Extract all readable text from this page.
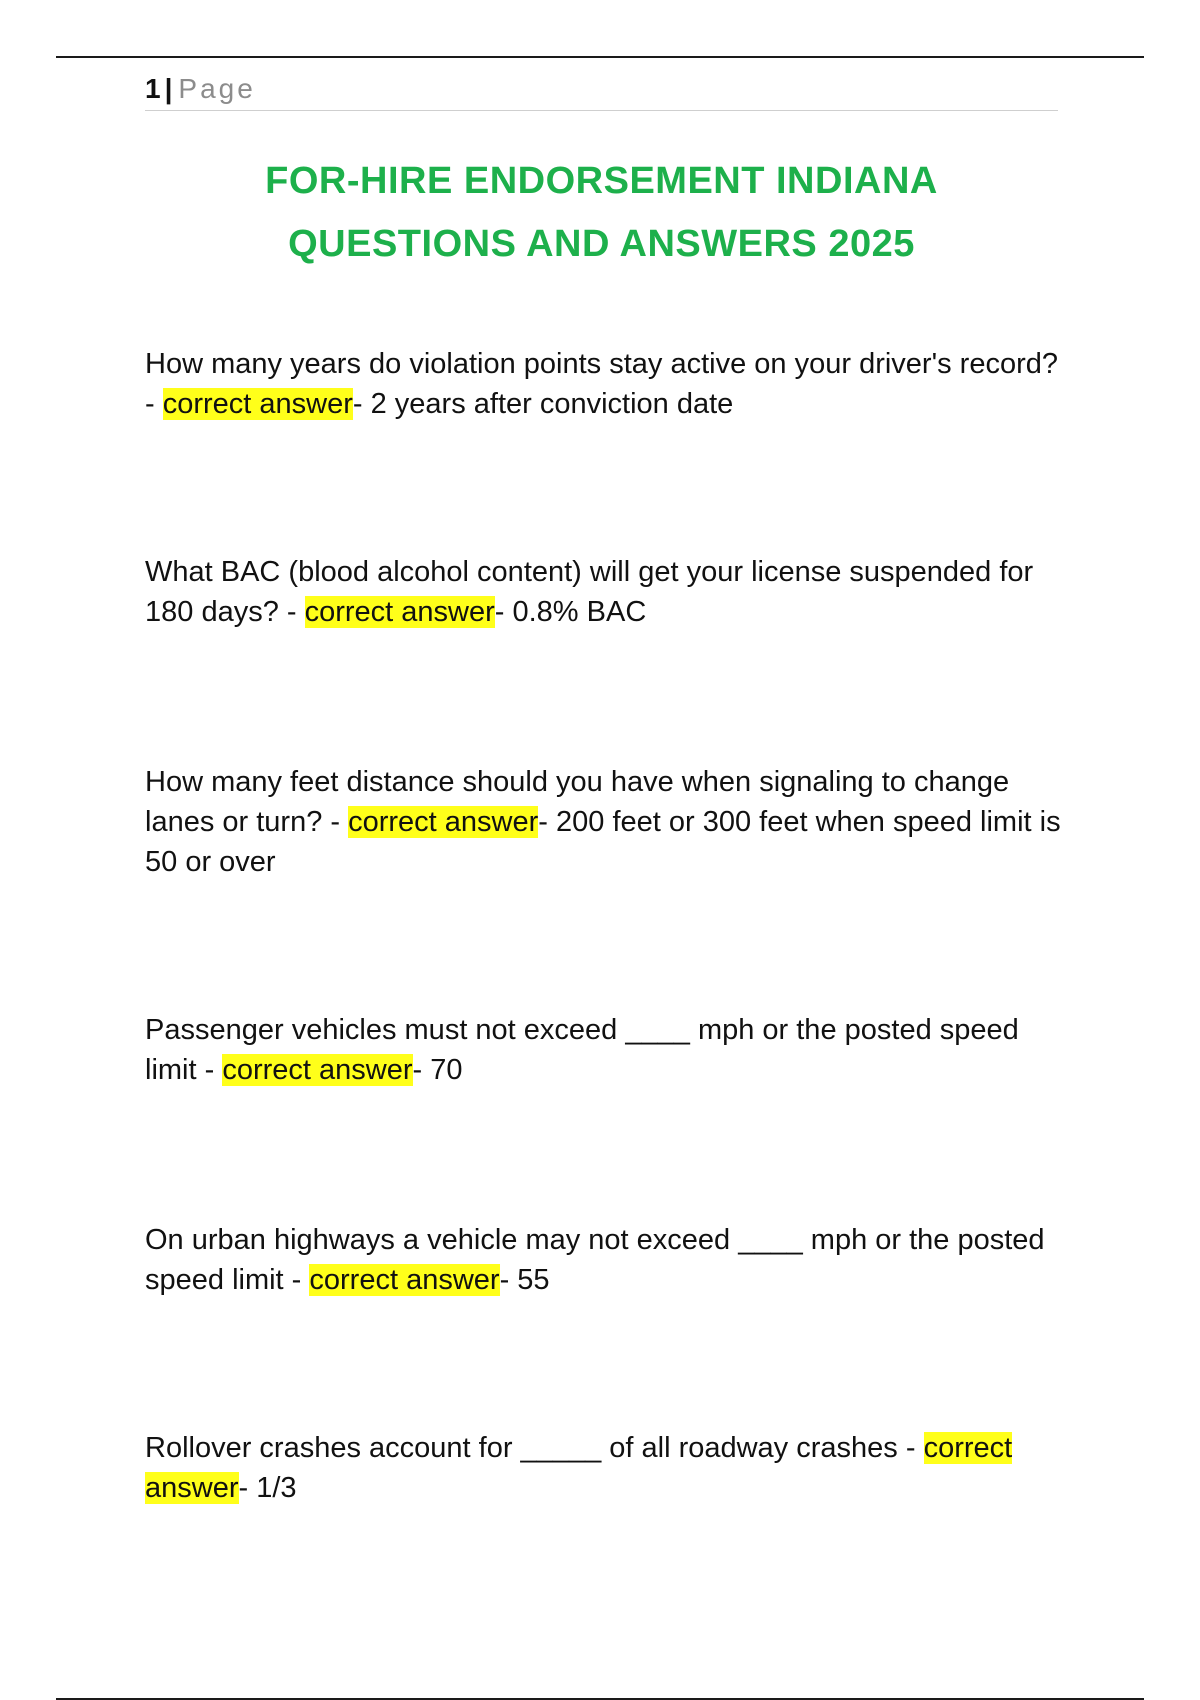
1 | Page
FOR-HIRE ENDORSEMENT INDIANA
QUESTIONS AND ANSWERS 2025
How many years do violation points stay active on your driver's record? - correct answer- 2 years after conviction date
What BAC (blood alcohol content) will get your license suspended for 180 days? - correct answer- 0.8% BAC
How many feet distance should you have when signaling to change lanes or turn? - correct answer- 200 feet or 300 feet when speed limit is 50 or over
Passenger vehicles must not exceed ____ mph or the posted speed limit - correct answer- 70
On urban highways a vehicle may not exceed ____ mph or the posted speed limit - correct answer- 55
Rollover crashes account for _____ of all roadway crashes - correct answer- 1/3
